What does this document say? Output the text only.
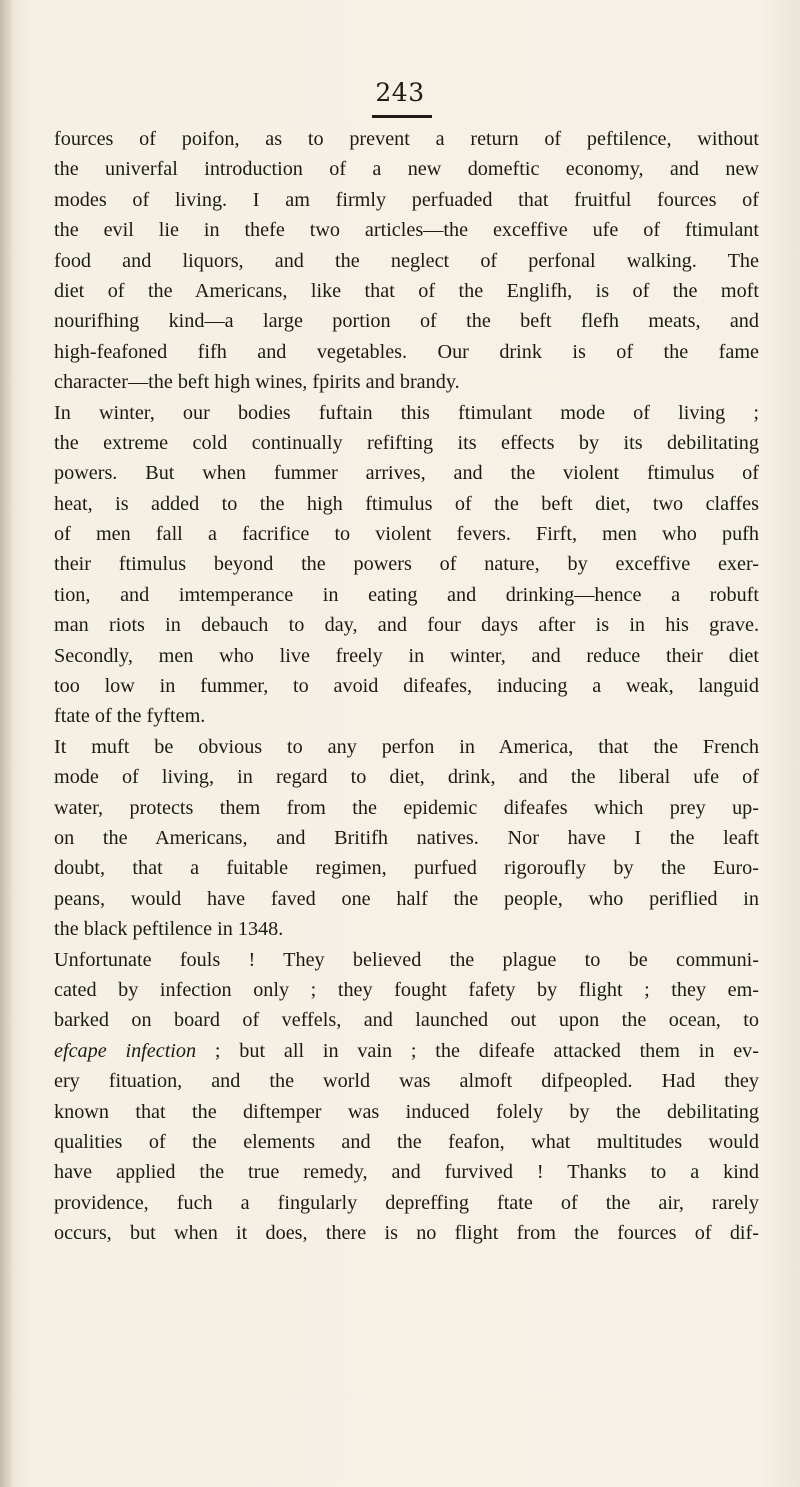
243
fources of poifon, as to prevent a return of peftilence, without
the univerfal introduction of a new domeftic economy, and new
modes of living. I am firmly perfuaded that fruitful fources of
the evil lie in thefe two articles—the exceffive ufe of ftimulant
food and liquors, and the neglect of perfonal walking. The
diet of the Americans, like that of the Englifh, is of the moft
nourifhing kind—a large portion of the beft flefh meats, and
high-feafoned fifh and vegetables. Our drink is of the fame
character—the beft high wines, fpirits and brandy.
In winter, our bodies fuftain this ftimulant mode of living ;
the extreme cold continually refifting its effects by its debilitating
powers. But when fummer arrives, and the violent ftimulus of
heat, is added to the high ftimulus of the beft diet, two claffes
of men fall a facrifice to violent fevers. Firft, men who pufh
their ftimulus beyond the powers of nature, by exceffive exer-
tion, and imtemperance in eating and drinking—hence a robuft
man riots in debauch to day, and four days after is in his grave.
Secondly, men who live freely in winter, and reduce their diet
too low in fummer, to avoid difeafes, inducing a weak, languid
ftate of the fyftem.
It muft be obvious to any perfon in America, that the French
mode of living, in regard to diet, drink, and the liberal ufe of
water, protects them from the epidemic difeafes which prey up-
on the Americans, and Britifh natives. Nor have I the leaft
doubt, that a fuitable regimen, purfued rigoroufly by the Euro-
peans, would have faved one half the people, who periflied in
the black peftilence in 1348.
Unfortunate fouls ! They believed the plague to be communi-
cated by infection only ; they fought fafety by flight ; they em-
barked on board of veffels, and launched out upon the ocean, to
efcape infection ; but all in vain ; the difeafe attacked them in ev-
ery fituation, and the world was almoft difpeopled. Had they
known that the diftemper was induced folely by the debilitating
qualities of the elements and the feafon, what multitudes would
have applied the true remedy, and furvived ! Thanks to a kind
providence, fuch a fingularly depreffing ftate of the air, rarely
occurs, but when it does, there is no flight from the fources of dif-
